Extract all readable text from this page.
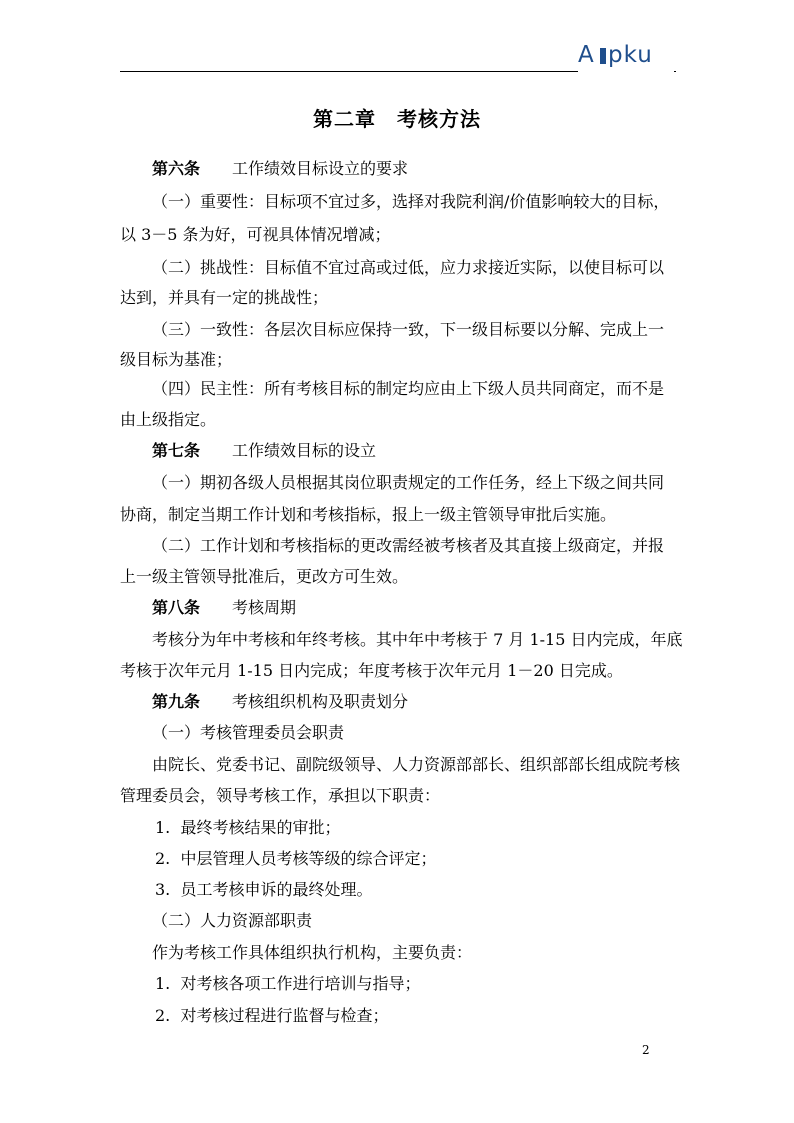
A pku
第二章　考核方法
第六条 工作绩效目标设立的要求
（一）重要性：目标项不宜过多，选择对我院利润/价值影响较大的目标，
以 3－5 条为好，可视具体情况增减；
（二）挑战性：目标值不宜过高或过低，应力求接近实际，以使目标可以
达到，并具有一定的挑战性；
（三）一致性：各层次目标应保持一致，下一级目标要以分解、完成上一
级目标为基准；
（四）民主性：所有考核目标的制定均应由上下级人员共同商定，而不是
由上级指定。
第七条 工作绩效目标的设立
（一）期初各级人员根据其岗位职责规定的工作任务，经上下级之间共同
协商，制定当期工作计划和考核指标，报上一级主管领导审批后实施。
（二）工作计划和考核指标的更改需经被考核者及其直接上级商定，并报
上一级主管领导批准后，更改方可生效。
第八条 考核周期
考核分为年中考核和年终考核。其中年中考核于 7 月 1-15 日内完成，年底
考核于次年元月 1-15 日内完成；年度考核于次年元月 1－20 日完成。
第九条 考核组织机构及职责划分
（一）考核管理委员会职责
由院长、党委书记、副院级领导、人力资源部部长、组织部部长组成院考核
管理委员会，领导考核工作，承担以下职责：
1.  最终考核结果的审批；
2.  中层管理人员考核等级的综合评定；
3.  员工考核申诉的最终处理。
（二）人力资源部职责
作为考核工作具体组织执行机构，主要负责：
1.  对考核各项工作进行培训与指导；
2.  对考核过程进行监督与检查；
2
